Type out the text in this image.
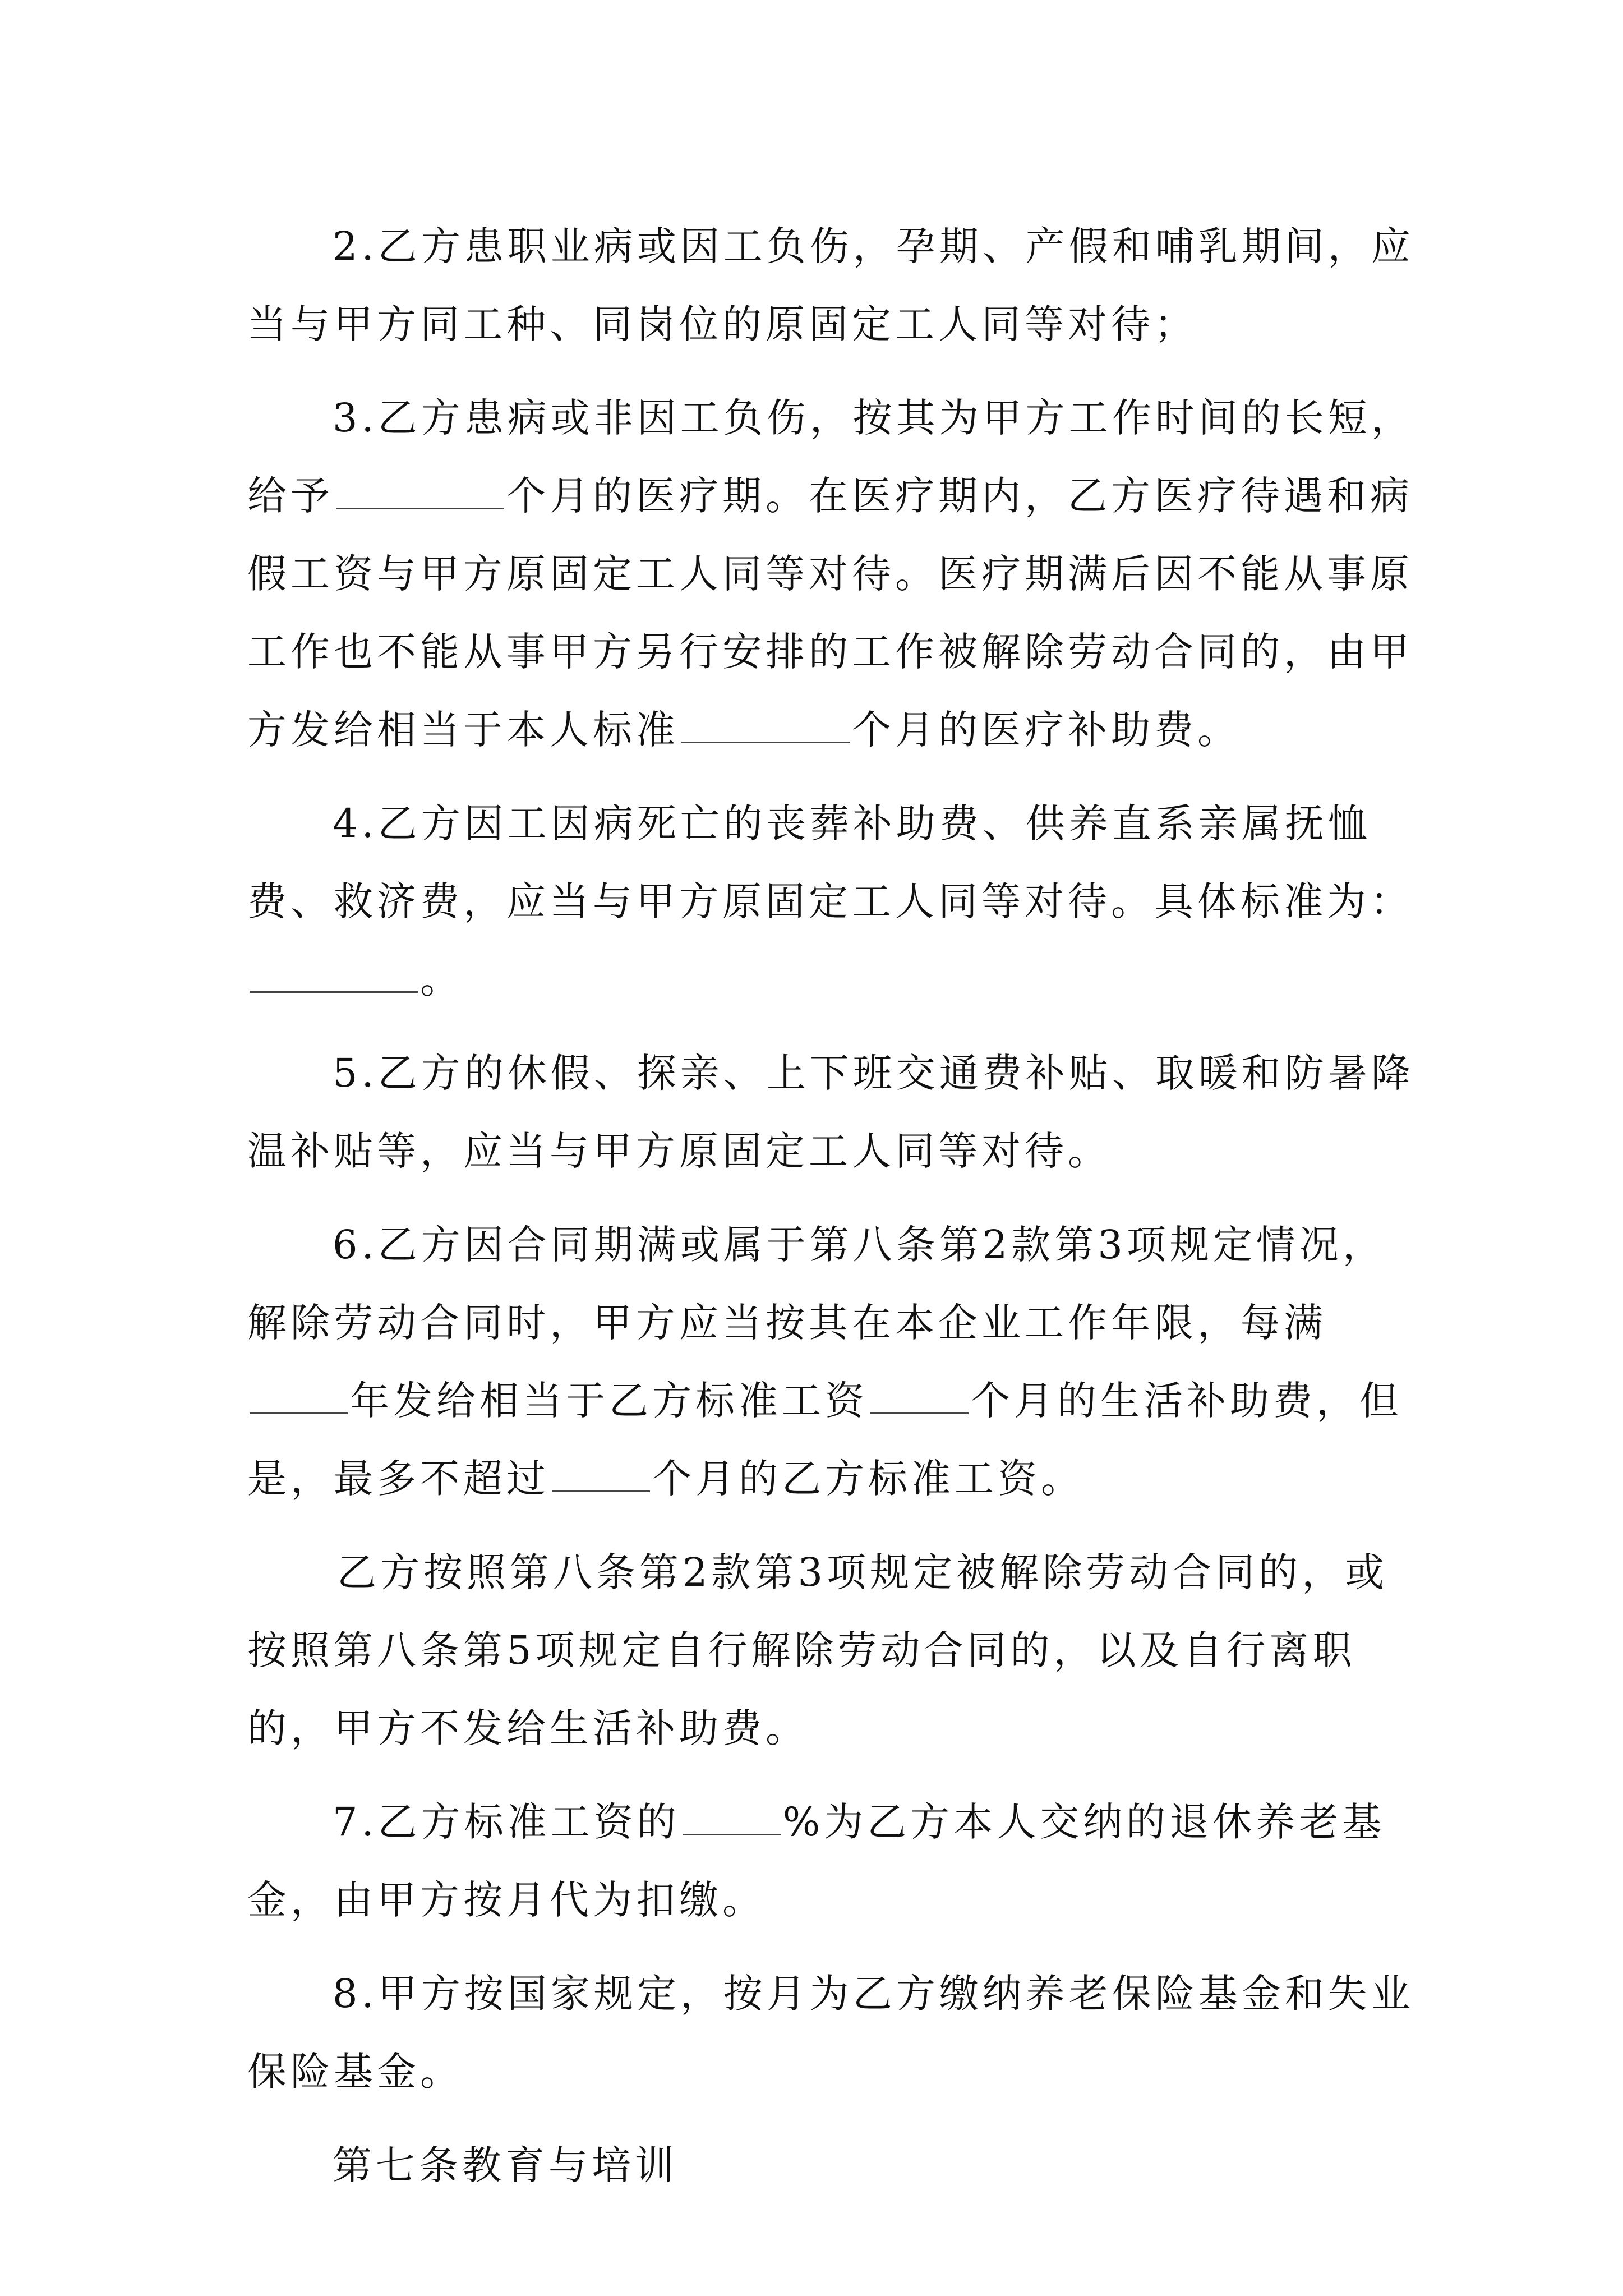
2.乙方患职业病或因工负伤，孕期、产假和哺乳期间，应当与甲方同工种、同岗位的原固定工人同等对待；

3.乙方患病或非因工负伤，按其为甲方工作时间的长短，给予	个月的医疗期。在医疗期内，乙方医疗待遇和病假工资与甲方原固定工人同等对待。医疗期满后因不能从事原工作也不能从事甲方另行安排的工作被解除劳动合同的，由甲方发给相当于本人标准	个月的医疗补助费。

4.乙方因工因病死亡的丧葬补助费、供养直系亲属抚恤费、救济费，应当与甲方原固定工人同等对待。具体标准为：。

5.乙方的休假、探亲、上下班交通费补贴、取暖和防暑降温补贴等，应当与甲方原固定工人同等对待。

6.乙方因合同期满或属于第八条第2款第3项规定情况，解除劳动合同时，甲方应当按其在本企业工作年限，每满年发给相当于乙方标准工资	个月的生活补助费，但是，最多不超过	个月的乙方标准工资。

乙方按照第八条第2款第3项规定被解除劳动合同的，或按照第八条第5项规定自行解除劳动合同的，以及自行离职的，甲方不发给生活补助费。

7.乙方标准工资的	%为乙方本人交纳的退休养老基金，由甲方按月代为扣缴。

8.甲方按国家规定，按月为乙方缴纳养老保险基金和失业保险基金。

第七条教育与培训
